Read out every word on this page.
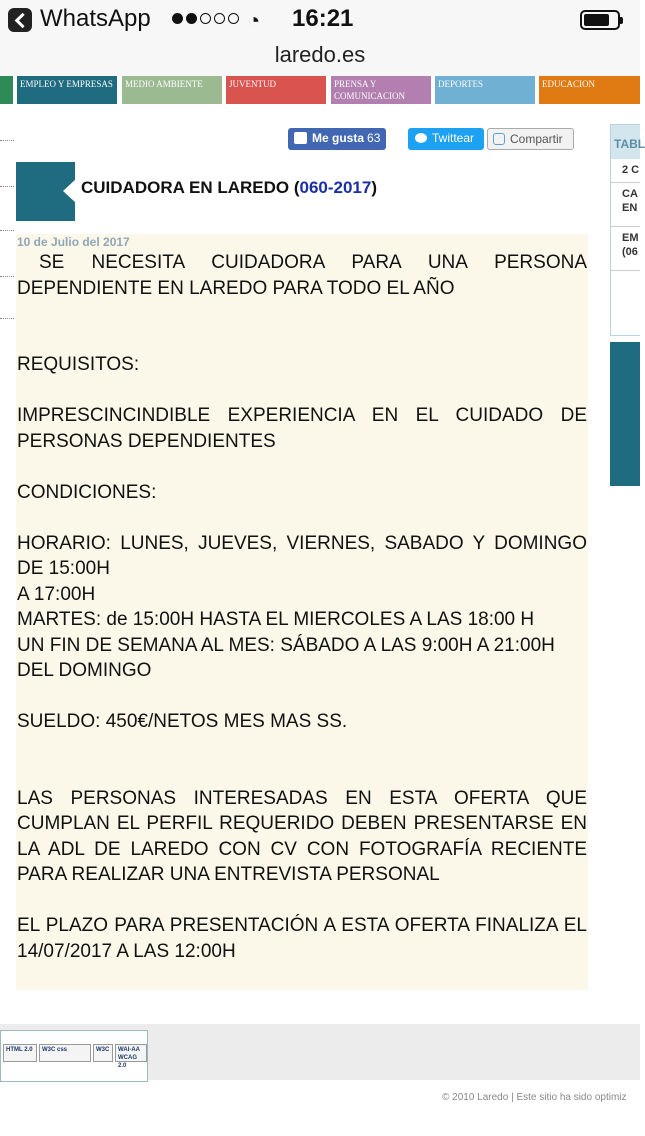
WhatsApp	◔ 16:21
laredo.es
EMPLEO Y EMPRESAS	MEDIO AMBIENTE	JUVENTUD	PRENSA Y COMUNICACION
DEPORTES	EDUCACION
Me gusta 63	Twittear	Compartir
CUIDADORA EN LAREDO (060-2017)
10 de Julio del 2017

SE NECESITA CUIDADORA PARA UNA PERSONA DEPENDIENTE EN LAREDO PARA TODO EL AÑO

REQUISITOS:

IMPRESCINCINDIBLE EXPERIENCIA EN EL CUIDADO DE PERSONAS DEPENDIENTES

CONDICIONES:

HORARIO: LUNES, JUEVES, VIERNES, SABADO Y DOMINGO DE 15:00H

A 17:00H

MARTES: de 15:00H HASTA EL MIERCOLES A LAS 18:00 H

UN FIN DE SEMANA AL MES: SÁBADO A LAS 9:00H A 21:00H

DEL DOMINGO

SUELDO: 450€/NETOS MES MAS SS.

LAS PERSONAS INTERESADAS EN ESTA OFERTA QUE CUMPLAN EL PERFIL REQUERIDO DEBEN PRESENTARSE EN LA ADL DE LAREDO CON CV CON FOTOGRAFÍA RECIENTE PARA REALIZAR UNA ENTREVISTA PERSONAL

EL PLAZO PARA PRESENTACIÓN A ESTA OFERTA FINALIZA EL 14/07/2017 A LAS 12:00H

TABL
2 C
CA EN
EM (06
HTML 2.0	W3C css	W3C	WAI-AA WCAG 2.0
© 2010 Laredo | Este sitio ha sido optimiz
